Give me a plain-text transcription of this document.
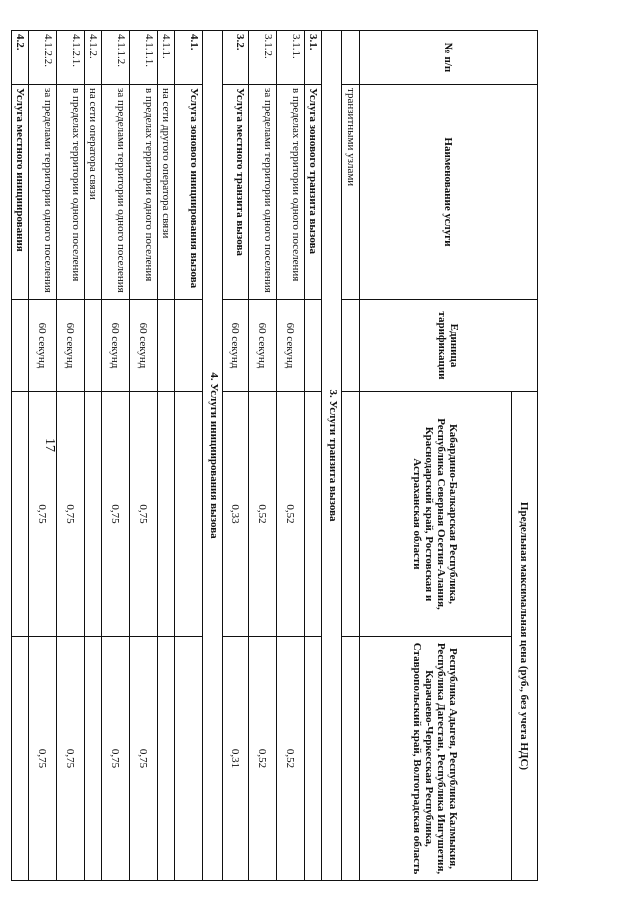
17
№ п/п	Наименование услуги	Единица тарификации	Предельная максимальная цена (руб., без учета НДС)	
			Кабардино-Балкарская Республика, Республика Северная Осетия-Алания, Краснодарский край, Ростовская и Астраханская области	Республика Адыгея, Республика Калмыкия, Республика Дагестан, Республика Ингушетия, Карачаево-Черкесская Республика, Ставропольский край, Волгоградская область
	транзитными узлами			
3. Услуги транзита вызова				
3.1.	Услуга зонового транзита вызова			
3.1.1.	в пределах территории одного поселения	60 секунд	0,52	0,52
3.1.2.	за пределами территории одного поселения	60 секунд	0,52	0,52
3.2.	Услуга местного транзита вызова	60 секунд	0,33	0,31
4. Услуги инициирования вызова				
4.1.	Услуга зонового инициирования вызова			
4.1.1.	на сети другого оператора связи			
4.1.1.1.	в пределах территории одного поселения	60 секунд	0,75	0,75
4.1.1.2.	за пределами территории одного поселения	60 секунд	0,75	0,75
4.1.2.	на сети оператора связи			
4.1.2.1.	в пределах территории одного поселения	60 секунд	0,75	0,75
4.1.2.2.	за пределами территории одного поселения	60 секунд	0,75	0,75
4.2.	Услуга местного инициирования			
